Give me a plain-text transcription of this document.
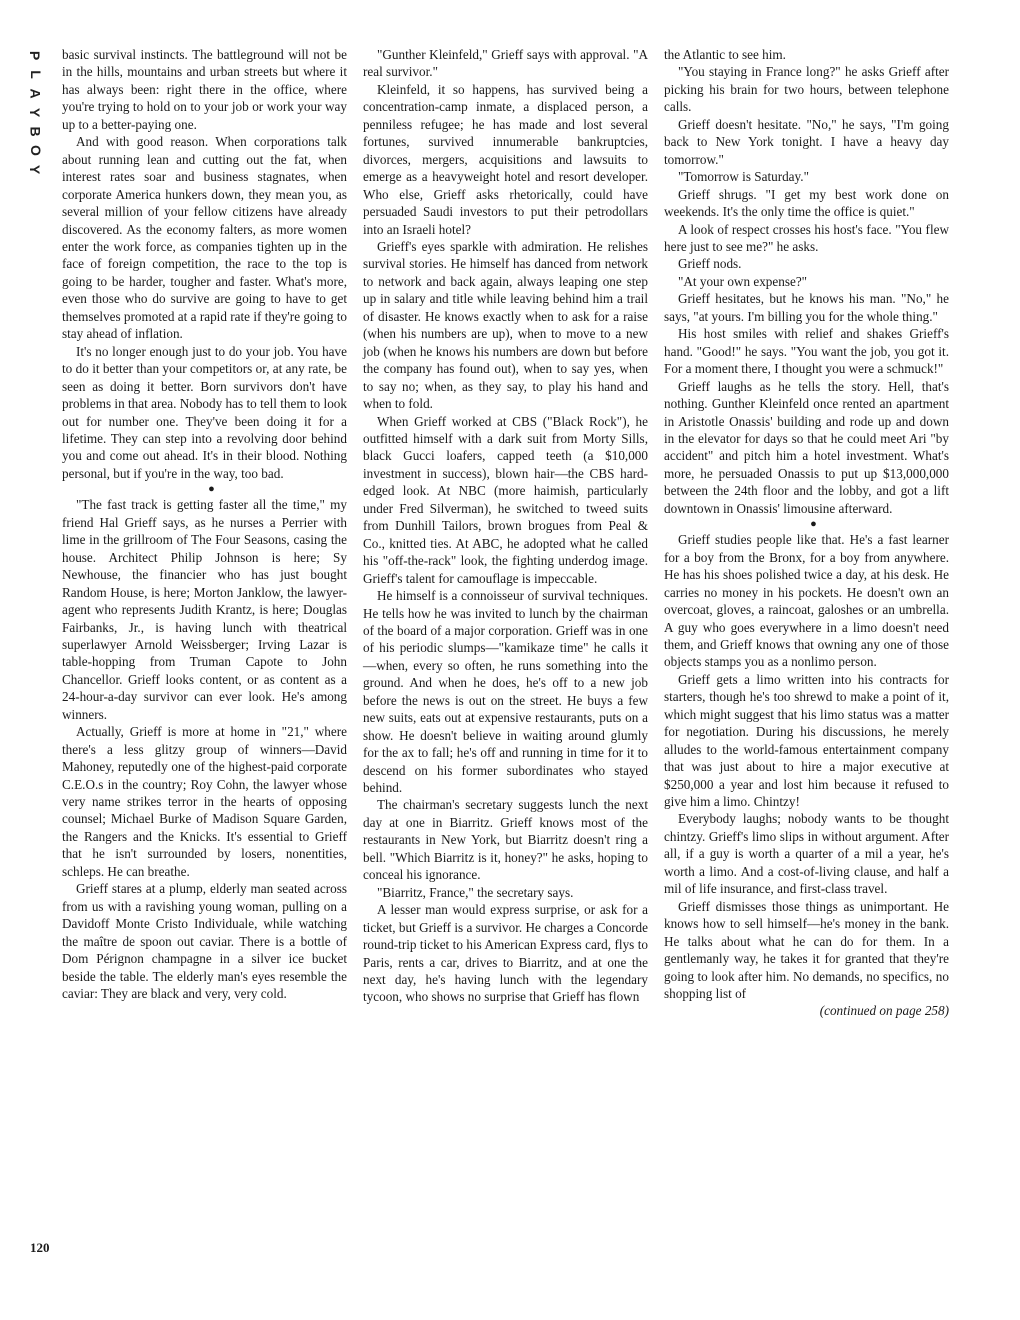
P
L
A
Y
B
O
Y

basic survival instincts. The battleground will not be in the hills, mountains and urban streets but where it has always been: right there in the office, where you're trying to hold on to your job or work your way up to a better-paying one.

And with good reason. When corporations talk about running lean and cutting out the fat, when interest rates soar and business stagnates, when corporate America hunkers down, they mean you, as several million of your fellow citizens have already discovered. As the economy falters, as more women enter the work force, as companies tighten up in the face of foreign competition, the race to the top is going to be harder, tougher and faster. What's more, even those who do survive are going to have to get themselves promoted at a rapid rate if they're going to stay ahead of inflation.

It's no longer enough just to do your job. You have to do it better than your competitors or, at any rate, be seen as doing it better. Born survivors don't have problems in that area. Nobody has to tell them to look out for number one. They've been doing it for a lifetime. They can step into a revolving door behind you and come out ahead. It's in their blood. Nothing personal, but if you're in the way, too bad.

●

"The fast track is getting faster all the time," my friend Hal Grieff says, as he nurses a Perrier with lime in the grillroom of The Four Seasons, casing the house. Architect Philip Johnson is here; Sy Newhouse, the financier who has just bought Random House, is here; Morton Janklow, the lawyer-agent who represents Judith Krantz, is here; Douglas Fairbanks, Jr., is having lunch with theatrical superlawyer Arnold Weissberger; Irving Lazar is table-hopping from Truman Capote to John Chancellor. Grieff looks content, or as content as a 24-hour-a-day survivor can ever look. He's among winners.

Actually, Grieff is more at home in "21," where there's a less glitzy group of winners—David Mahoney, reputedly one of the highest-paid corporate C.E.O.s in the country; Roy Cohn, the lawyer whose very name strikes terror in the hearts of opposing counsel; Michael Burke of Madison Square Garden, the Rangers and the Knicks. It's essential to Grieff that he isn't surrounded by losers, nonentities, schleps. He can breathe.

Grieff stares at a plump, elderly man seated across from us with a ravishing young woman, pulling on a Davidoff Monte Cristo Individuale, while watching the maître de spoon out caviar. There is a bottle of Dom Pérignon champagne in a silver ice bucket beside the table. The elderly man's eyes resemble the caviar: They are black and very, very cold.

"Gunther Kleinfeld," Grieff says with approval. "A real survivor."

Kleinfeld, it so happens, has survived being a concentration-camp inmate, a displaced person, a penniless refugee; he has made and lost several fortunes, survived innumerable bankruptcies, divorces, mergers, acquisitions and lawsuits to emerge as a heavyweight hotel and resort developer. Who else, Grieff asks rhetorically, could have persuaded Saudi investors to put their petrodollars into an Israeli hotel?

Grieff's eyes sparkle with admiration. He relishes survival stories. He himself has danced from network to network and back again, always leaping one step up in salary and title while leaving behind him a trail of disaster. He knows exactly when to ask for a raise (when his numbers are up), when to move to a new job (when he knows his numbers are down but before the company has found out), when to say yes, when to say no; when, as they say, to play his hand and when to fold.

When Grieff worked at CBS ("Black Rock"), he outfitted himself with a dark suit from Morty Sills, black Gucci loafers, capped teeth (a $10,000 investment in success), blown hair—the CBS hard-edged look. At NBC (more haimish, particularly under Fred Silverman), he switched to tweed suits from Dunhill Tailors, brown brogues from Peal & Co., knitted ties. At ABC, he adopted what he called his "off-the-rack" look, the fighting underdog image. Grieff's talent for camouflage is impeccable.

He himself is a connoisseur of survival techniques. He tells how he was invited to lunch by the chairman of the board of a major corporation. Grieff was in one of his periodic slumps—"kamikaze time" he calls it—when, every so often, he runs something into the ground. And when he does, he's off to a new job before the news is out on the street. He buys a few new suits, eats out at expensive restaurants, puts on a show. He doesn't believe in waiting around glumly for the ax to fall; he's off and running in time for it to descend on his former subordinates who stayed behind.

The chairman's secretary suggests lunch the next day at one in Biarritz. Grieff knows most of the restaurants in New York, but Biarritz doesn't ring a bell. "Which Biarritz is it, honey?" he asks, hoping to conceal his ignorance.

"Biarritz, France," the secretary says.

A lesser man would express surprise, or ask for a ticket, but Grieff is a survivor. He charges a Concorde round-trip ticket to his American Express card, flys to Paris, rents a car, drives to Biarritz, and at one the next day, he's having lunch with the legendary tycoon, who shows no surprise that Grieff has flown

the Atlantic to see him.

"You staying in France long?" he asks Grieff after picking his brain for two hours, between telephone calls.

Grieff doesn't hesitate. "No," he says, "I'm going back to New York tonight. I have a heavy day tomorrow."

"Tomorrow is Saturday."

Grieff shrugs. "I get my best work done on weekends. It's the only time the office is quiet."

A look of respect crosses his host's face. "You flew here just to see me?" he asks.

Grieff nods.

"At your own expense?"

Grieff hesitates, but he knows his man. "No," he says, "at yours. I'm billing you for the whole thing."

His host smiles with relief and shakes Grieff's hand. "Good!" he says. "You want the job, you got it. For a moment there, I thought you were a schmuck!"

Grieff laughs as he tells the story. Hell, that's nothing. Gunther Kleinfeld once rented an apartment in Aristotle Onassis' building and rode up and down in the elevator for days so that he could meet Ari "by accident" and pitch him a hotel investment. What's more, he persuaded Onassis to put up $13,000,000 between the 24th floor and the lobby, and got a lift downtown in Onassis' limousine afterward.

●

Grieff studies people like that. He's a fast learner for a boy from the Bronx, for a boy from anywhere. He has his shoes polished twice a day, at his desk. He carries no money in his pockets. He doesn't own an overcoat, gloves, a raincoat, galoshes or an umbrella. A guy who goes everywhere in a limo doesn't need them, and Grieff knows that owning any one of those objects stamps you as a nonlimo person.

Grieff gets a limo written into his contracts for starters, though he's too shrewd to make a point of it, which might suggest that his limo status was a matter for negotiation. During his discussions, he merely alludes to the world-famous entertainment company that was just about to hire a major executive at $250,000 a year and lost him because it refused to give him a limo. Chintzy!

Everybody laughs; nobody wants to be thought chintzy. Grieff's limo slips in without argument. After all, if a guy is worth a quarter of a mil a year, he's worth a limo. And a cost-of-living clause, and half a mil of life insurance, and first-class travel.

Grieff dismisses those things as unimportant. He knows how to sell himself—he's money in the bank. He talks about what he can do for them. In a gentlemanly way, he takes it for granted that they're going to look after him. No demands, no specifics, no shopping list of

(continued on page 258)

120
